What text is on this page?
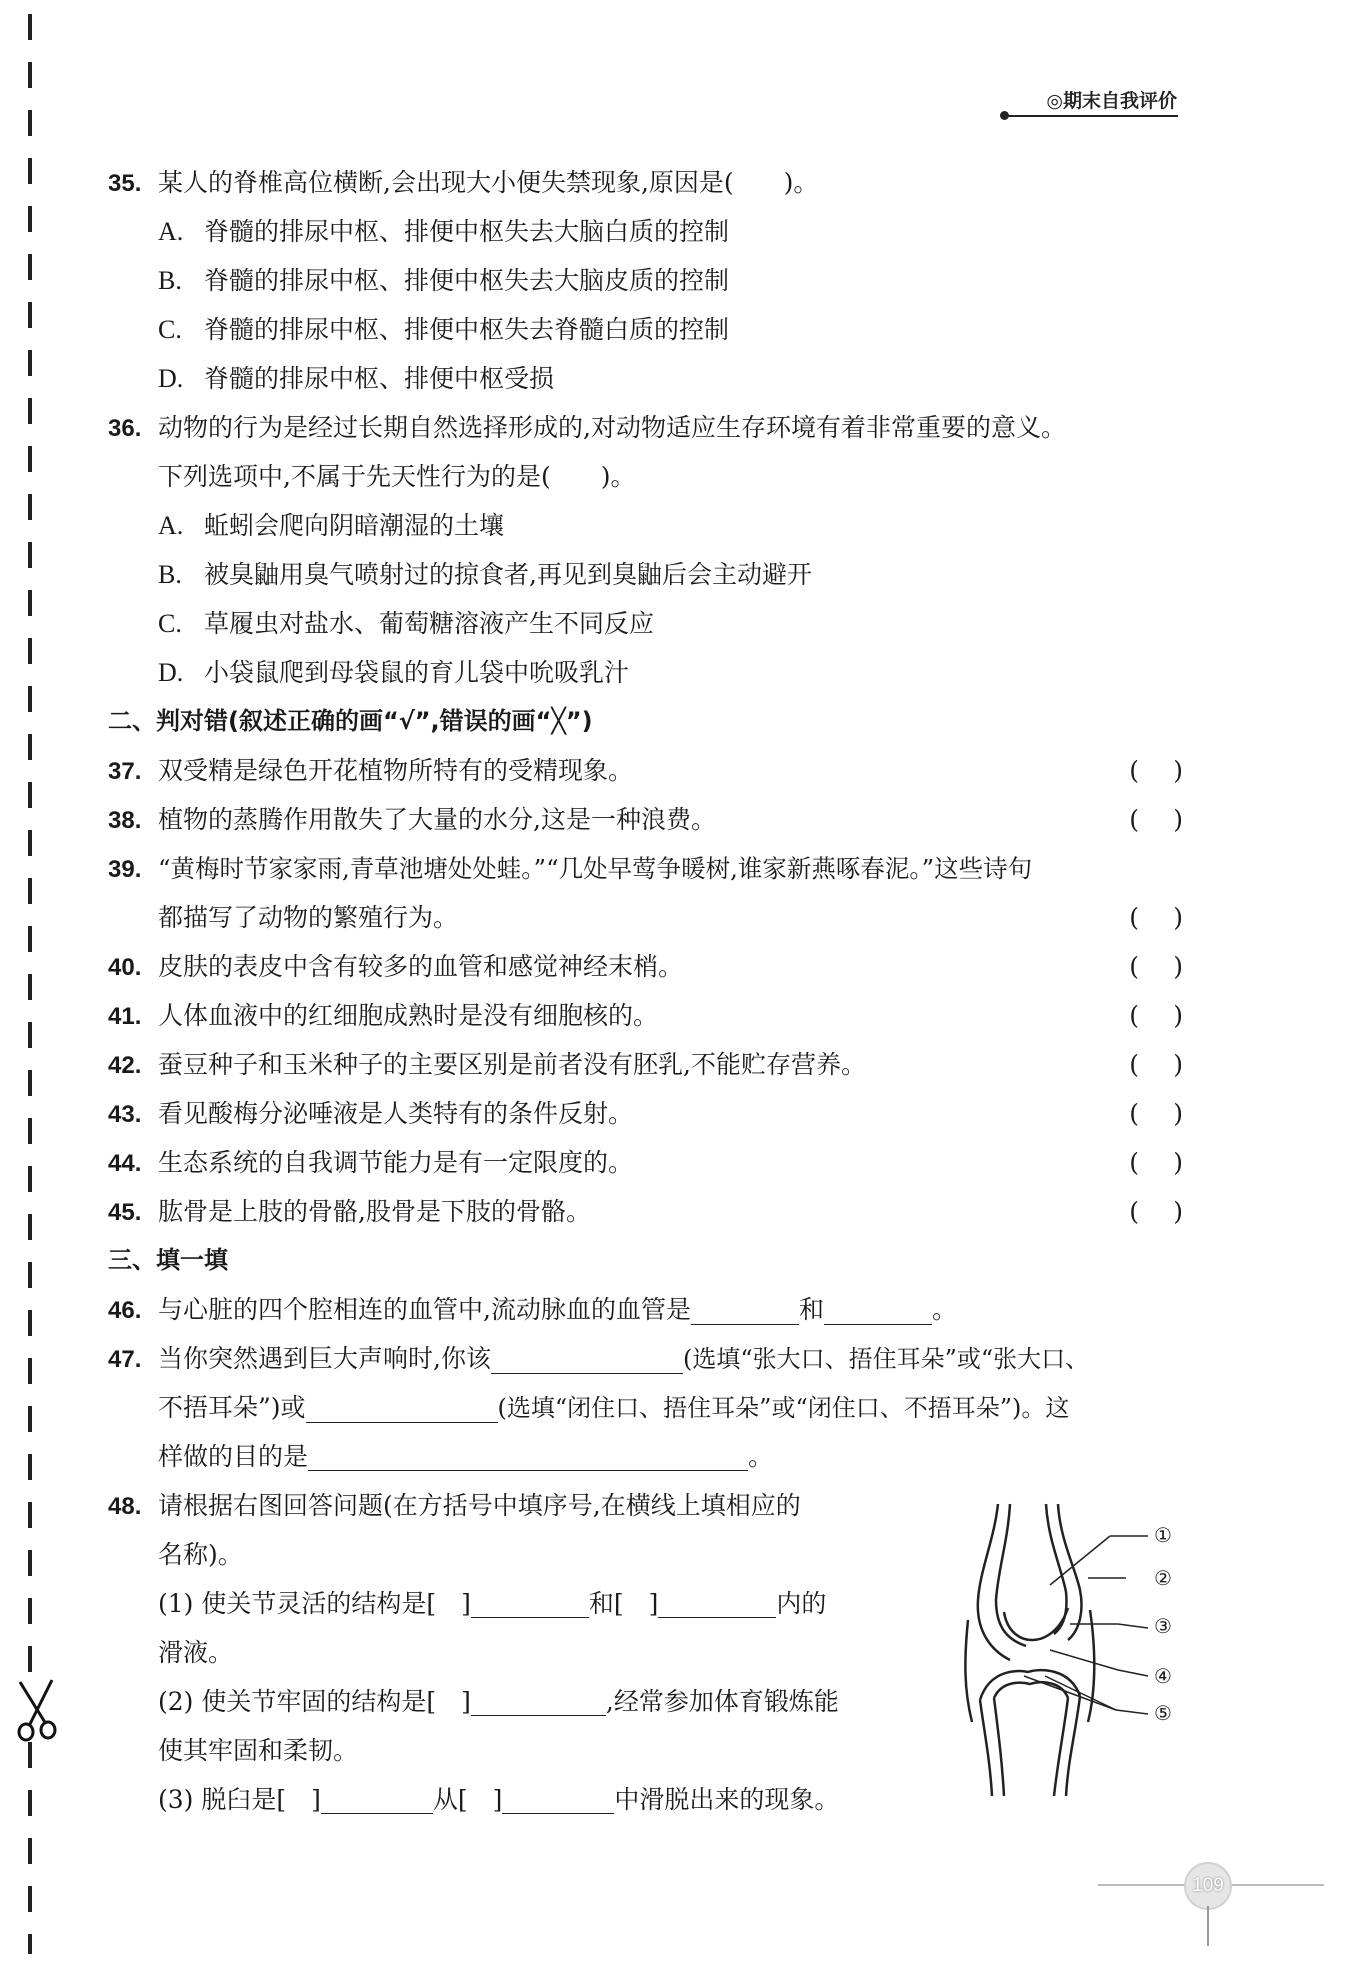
◎期末自我评价
35. 某人的脊椎高位横断,会出现大小便失禁现象,原因是(　　)。
A. 脊髓的排尿中枢、排便中枢失去大脑白质的控制
B. 脊髓的排尿中枢、排便中枢失去大脑皮质的控制
C. 脊髓的排尿中枢、排便中枢失去脊髓白质的控制
D. 脊髓的排尿中枢、排便中枢受损
36. 动物的行为是经过长期自然选择形成的,对动物适应生存环境有着非常重要的意义。
下列选项中,不属于先天性行为的是(　　)。
A. 蚯蚓会爬向阴暗潮湿的土壤
B. 被臭鼬用臭气喷射过的掠食者,再见到臭鼬后会主动避开
C. 草履虫对盐水、葡萄糖溶液产生不同反应
D. 小袋鼠爬到母袋鼠的育儿袋中吮吸乳汁
二、判对错(叙述正确的画“√”,错误的画“╳”)
37. 双受精是绿色开花植物所特有的受精现象。	( )
38. 植物的蒸腾作用散失了大量的水分,这是一种浪费。	( )
39. “黄梅时节家家雨,青草池塘处处蛙。”“几处早莺争暖树,谁家新燕啄春泥。”这些诗句
都描写了动物的繁殖行为。	( )
40. 皮肤的表皮中含有较多的血管和感觉神经末梢。	( )
41. 人体血液中的红细胞成熟时是没有细胞核的。	( )
42. 蚕豆种子和玉米种子的主要区别是前者没有胚乳,不能贮存营养。	( )
43. 看见酸梅分泌唾液是人类特有的条件反射。	( )
44. 生态系统的自我调节能力是有一定限度的。	( )
45. 肱骨是上肢的骨骼,股骨是下肢的骨骼。	( )
三、填一填
46. 与心脏的四个腔相连的血管中,流动脉血的血管是	和	。
47. 当你突然遇到巨大声响时,你该	(选填“张大口、捂住耳朵”或“张大口、
不捂耳朵”)或	(选填“闭住口、捂住耳朵”或“闭住口、不捂耳朵”)。这
样做的目的是	。
48. 请根据右图回答问题(在方括号中填序号,在横线上填相应的
名称)。
(1) 使关节灵活的结构是[　]	和[　]	内的
滑液。
(2) 使关节牢固的结构是[　]	,经常参加体育锻炼能
使其牢固和柔韧。
(3) 脱臼是[　]	从[　]	中滑脱出来的现象。
①
②
③
④
⑤
109
